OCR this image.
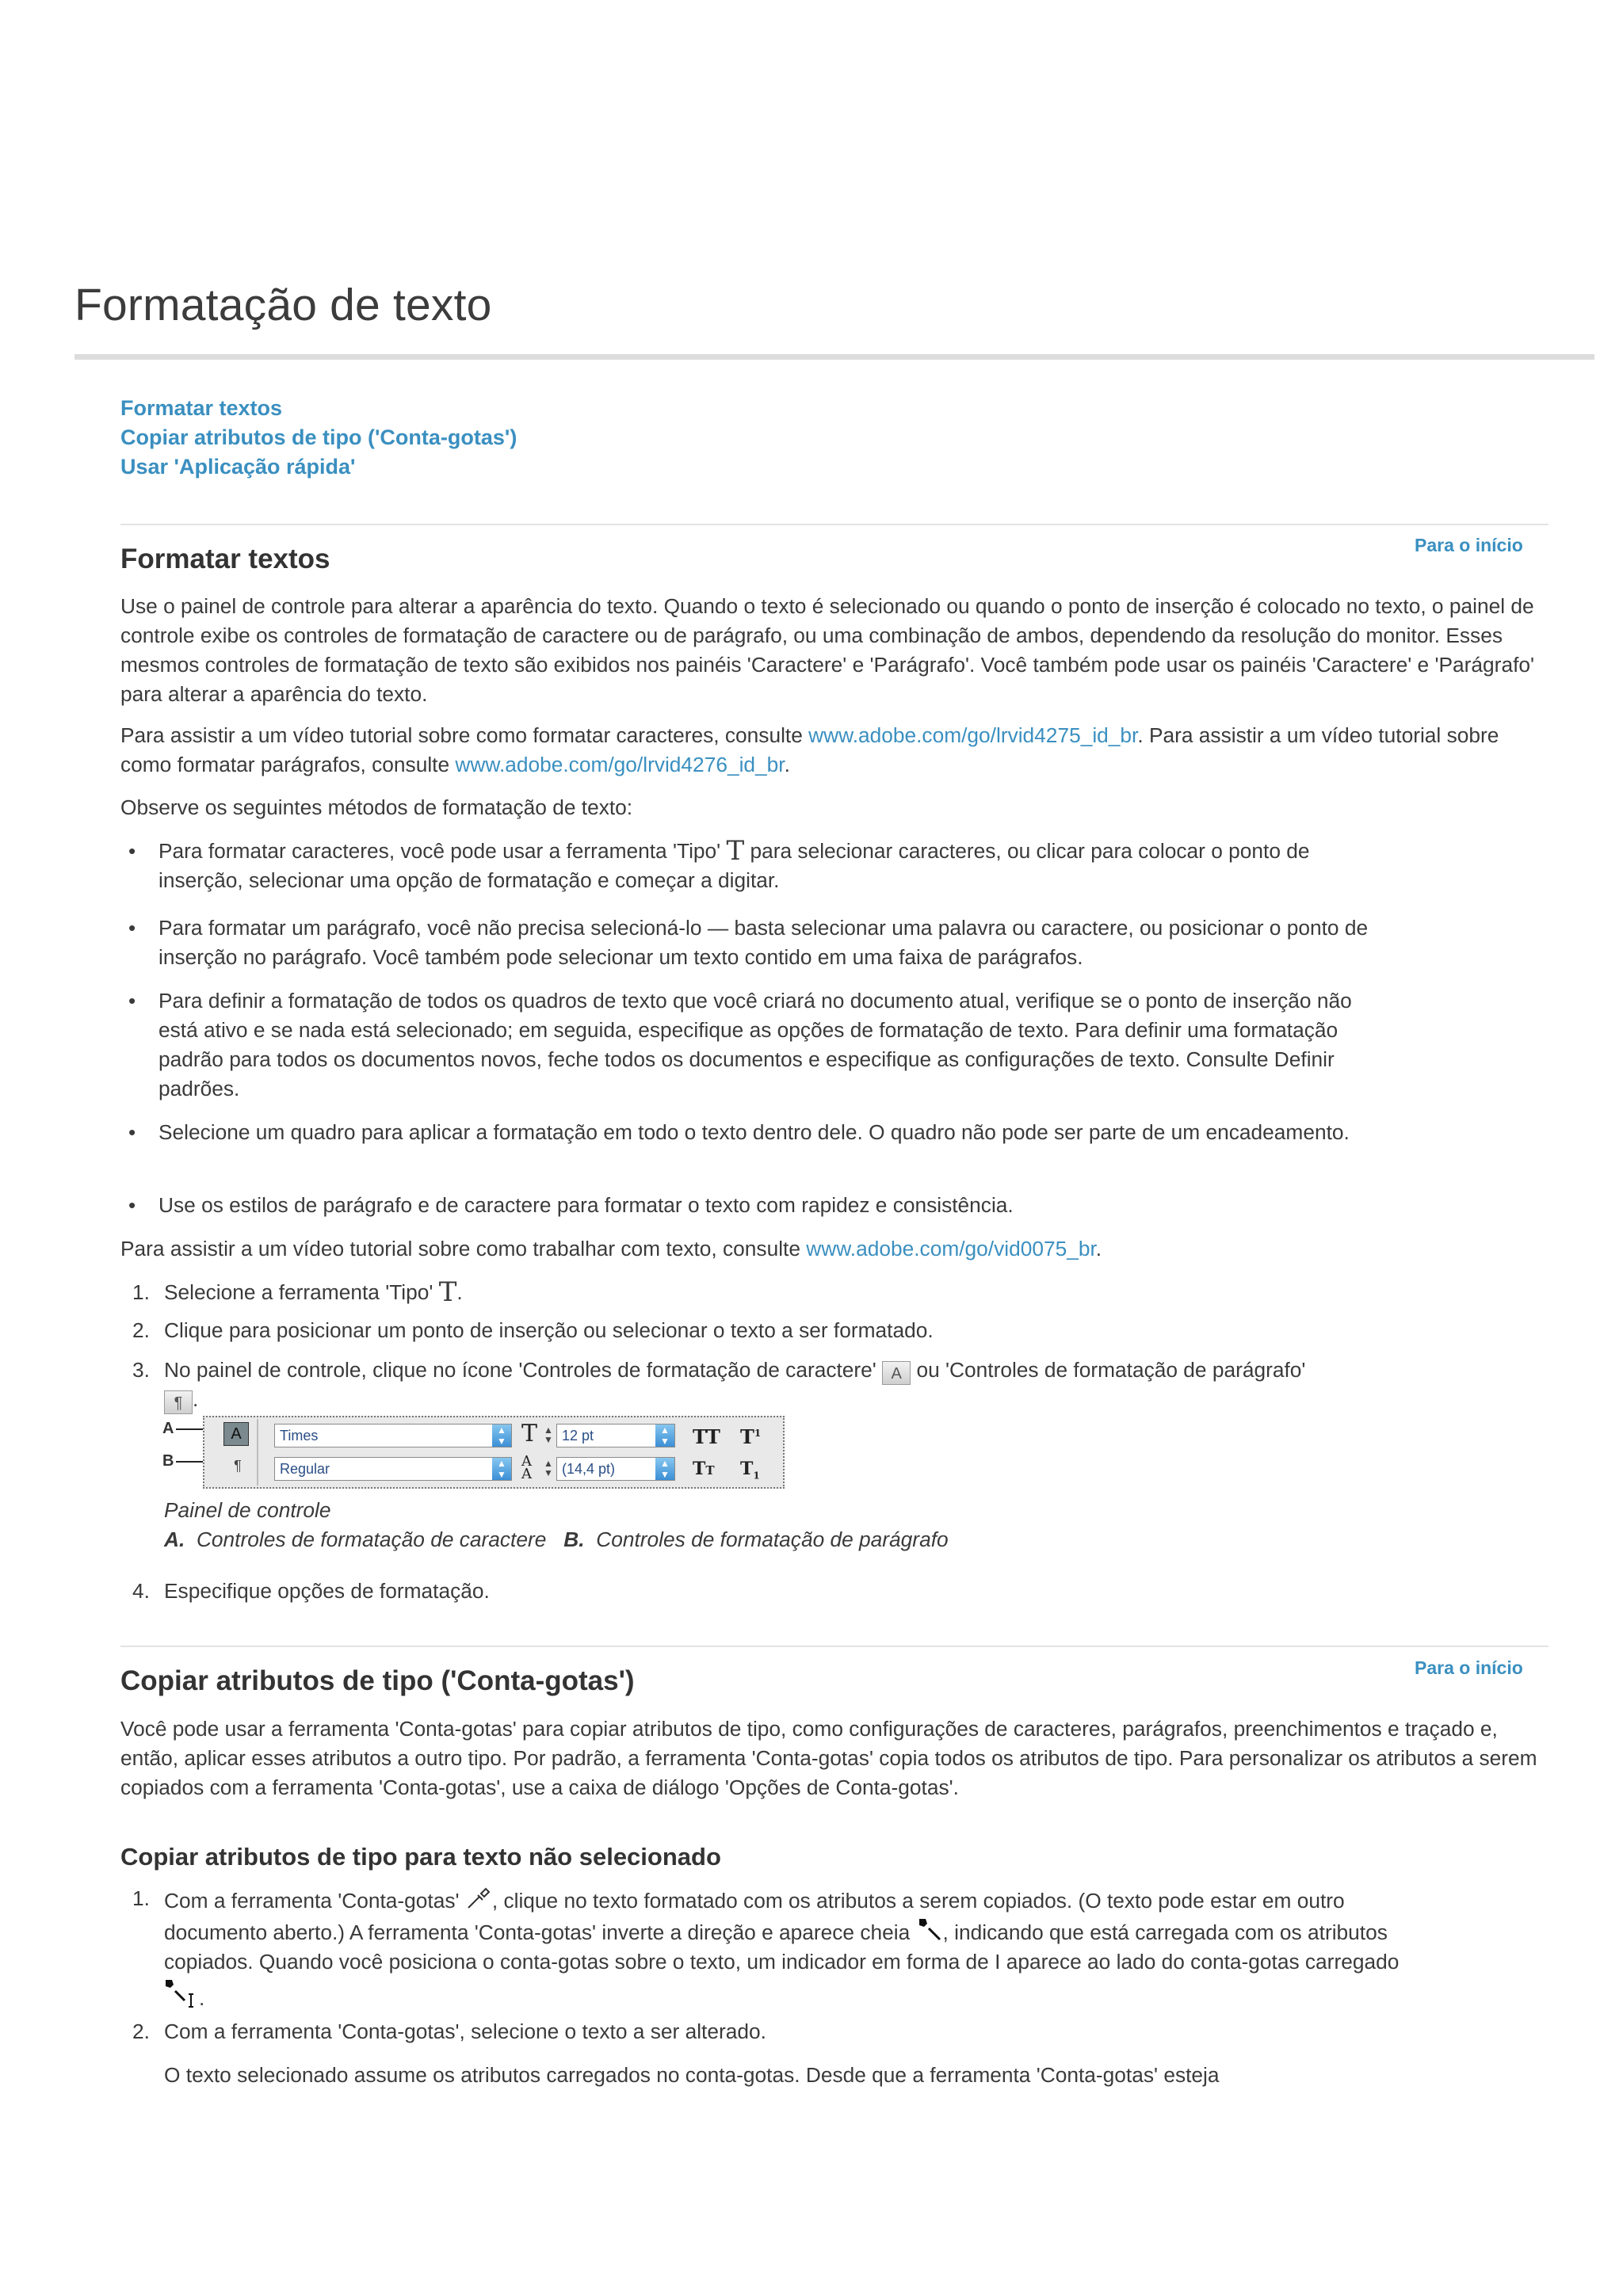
Formatação de texto
Formatar textos
Copiar atributos de tipo ('Conta-gotas')
Usar 'Aplicação rápida'
Para o início
Formatar textos

Use o painel de controle para alterar a aparência do texto. Quando o texto é selecionado ou quando o ponto de inserção é colocado no texto, o painel de controle exibe os controles de formatação de caractere ou de parágrafo, ou uma combinação de ambos, dependendo da resolução do monitor. Esses mesmos controles de formatação de texto são exibidos nos painéis 'Caractere' e 'Parágrafo'. Você também pode usar os painéis 'Caractere' e 'Parágrafo' para alterar a aparência do texto.

Para assistir a um vídeo tutorial sobre como formatar caracteres, consulte www.adobe.com/go/lrvid4275_id_br. Para assistir a um vídeo tutorial sobre como formatar parágrafos, consulte www.adobe.com/go/lrvid4276_id_br.

Observe os seguintes métodos de formatação de texto:

• Para formatar caracteres, você pode usar a ferramenta 'Tipo' T para selecionar caracteres, ou clicar para colocar o ponto de inserção, selecionar uma opção de formatação e começar a digitar.
• Para formatar um parágrafo, você não precisa selecioná-lo — basta selecionar uma palavra ou caractere, ou posicionar o ponto de inserção no parágrafo. Você também pode selecionar um texto contido em uma faixa de parágrafos.
• Para definir a formatação de todos os quadros de texto que você criará no documento atual, verifique se o ponto de inserção não está ativo e se nada está selecionado; em seguida, especifique as opções de formatação de texto. Para definir uma formatação padrão para todos os documentos novos, feche todos os documentos e especifique as configurações de texto. Consulte Definir padrões.
• Selecione um quadro para aplicar a formatação em todo o texto dentro dele. O quadro não pode ser parte de um encadeamento.
• Use os estilos de parágrafo e de caractere para formatar o texto com rapidez e consistência.

Para assistir a um vídeo tutorial sobre como trabalhar com texto, consulte www.adobe.com/go/vid0075_br.

1. Selecione a ferramenta 'Tipo' T.
2. Clique para posicionar um ponto de inserção ou selecionar o texto a ser formatado.
3. No painel de controle, clique no ícone 'Controles de formatação de caractere' A ou 'Controles de formatação de parágrafo'
¶ .
A
B
A
¶
Times	▲
▼
Regular	▲
▼
T
A
A
▲
▼
▲
▼
12 pt	▲
▼
(14,4 pt)	▲
▼
TT $T^1$
TT $T_1$

Painel de controle

A. Controles de formatação de caractere B. Controles de formatação de parágrafo

4. Especifique opções de formatação.
Para o início
Copiar atributos de tipo ('Conta-gotas')

Você pode usar a ferramenta 'Conta-gotas' para copiar atributos de tipo, como configurações de caracteres, parágrafos, preenchimentos e traçado e, então, aplicar esses atributos a outro tipo. Por padrão, a ferramenta 'Conta-gotas' copia todos os atributos de tipo. Para personalizar os atributos a serem copiados com a ferramenta 'Conta-gotas', use a caixa de diálogo 'Opções de Conta-gotas'.

Copiar atributos de tipo para texto não selecionado
1. Com a ferramenta 'Conta-gotas' , clique no texto formatado com os atributos a serem copiados. (O texto pode estar em outro documento aberto.) A ferramenta 'Conta-gotas' inverte a direção e aparece cheia , indicando que está carregada com os atributos copiados. Quando você posiciona o conta-gotas sobre o texto, um indicador em forma de I aparece ao lado do conta-gotas carregado .
2. Com a ferramenta 'Conta-gotas', selecione o texto a ser alterado.

O texto selecionado assume os atributos carregados no conta-gotas. Desde que a ferramenta 'Conta-gotas' esteja
